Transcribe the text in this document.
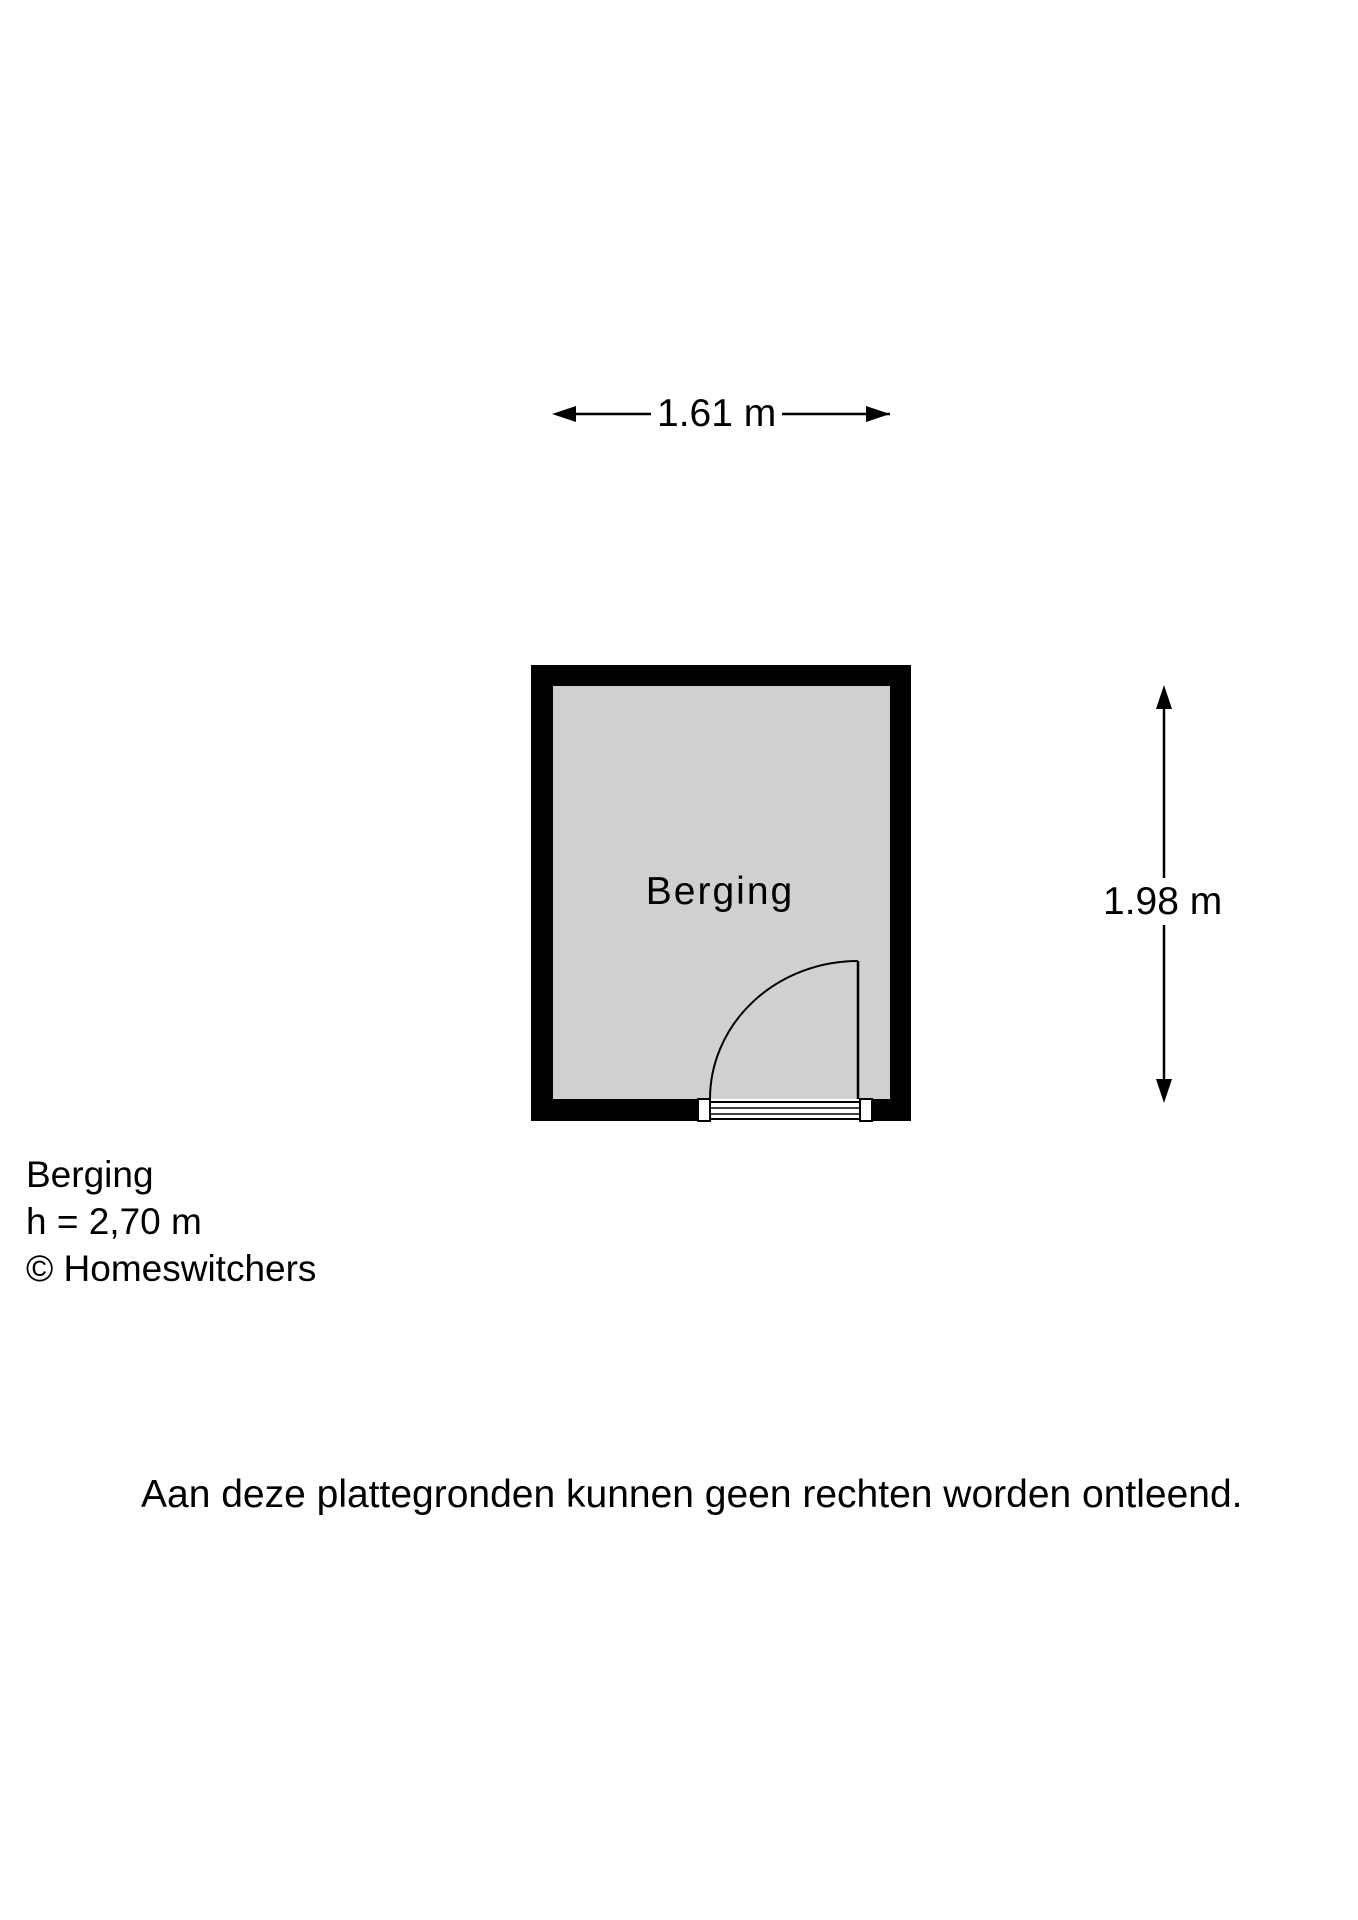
1.61 m
1.98 m
Berging
Berging
h = 2,70 m
© Homeswitchers
Aan deze plattegronden kunnen geen rechten worden ontleend.
